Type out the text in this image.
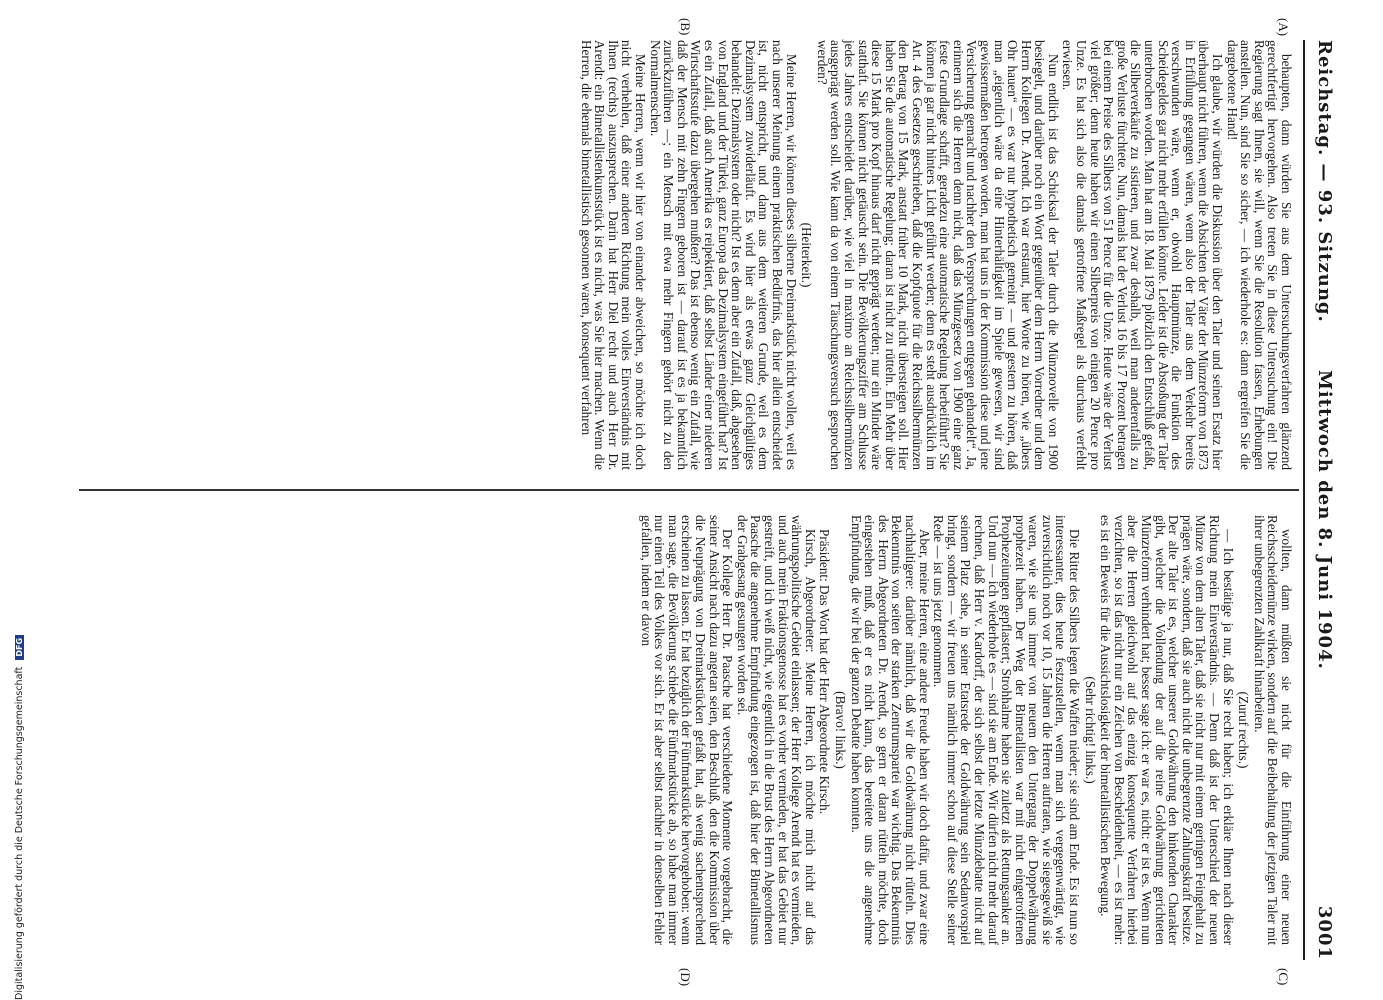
Reichstag. — 93. Sitzung.
Mittwoch den 8. Juni 1904.
3001
(A)
(B)
(C)
(D)

behaupten, dann würden Sie aus dem Untersuchungsverfahren glänzend gerechtfertigt hervorgehen. Also treten Sie in diese Untersuchung ein! Die Regierung sagt Ihnen, sie will, wenn Sie die Resolution fassen, Erhebungen anstellen. Nun, sind Sie so sicher, — ich wiederhole es: dann ergreifen Sie die dargebotene Hand!

Ich glaube, wir würden die Diskussion über den Taler und seinen Ersatz hier überhaupt nicht führen, wenn die Absichten der Väter der Münzreform von 1873 in Erfüllung gegangen wären, wenn also der Taler aus dem Verkehr bereits verschwunden wäre, wenn er, obwohl Hauptmünze, die Funktion des Scheidegeldes gar nicht mehr erfüllen könnte. Leider ist die Abstoßung der Taler unterbrochen worden. Man hat am 18. Mai 1879 plötzlich den Entschluß gefaßt, die Silberverkäufe zu sistieren, und zwar deshalb, weil man anderenfalls zu große Verluste fürchtete. Nun, damals hat der Verlust 16 bis 17 Prozent betragen bei einem Preise des Silbers von 51 Pence für die Unze. Heute wäre der Verlust viel größer; denn heute haben wir einen Silberpreis von einigen 20 Pence pro Unze. Es hat sich also die damals getroffene Maßregel als durchaus verfehlt erwiesen.

Nun endlich ist das Schicksal der Taler durch die Münznovelle von 1900 besiegelt, und darüber noch ein Wort gegenüber dem Herrn Vorredner und dem Herrn Kollegen Dr. Arendt. Ich war erstaunt, hier Worte zu hören, wie „übers Ohr hauen“ — es war nur hypothetisch gemeint — und gestern zu hören, daß man „eigentlich wäre da eine Hinterhältigkeit im Spiele gewesen, wir sind gewissermaßen betrogen worden, man hat uns in der Kommission diese und jene Versicherung gemacht und nachher den Versprechungen entgegen gehandelt“. Ja, erinnern sich die Herren denn nicht, daß das Münzgesetz von 1900 eine ganz feste Grundlage schafft, geradezu eine automatische Regelung herbeiführt? Sie können ja gar nicht hinters Licht geführt werden; denn es steht ausdrücklich im Art. 4 des Gesetzes geschrieben, daß die Kopfquote für die Reichssilbermünzen den Betrag von 15 Mark, anstatt früher 10 Mark, nicht übersteigen soll. Hier haben Sie die automatische Regelung; daran ist nicht zu rütteln. Ein Mehr über diese 15 Mark pro Kopf hinaus darf nicht geprägt werden; nur ein Minder wäre statthaft. Sie können nicht getäuscht sein. Die Bevölkerungsziffer am Schlusse jedes Jahres entscheidet darüber, wie viel in maximo an Reichssilbermünzen ausgeprägt werden soll. Wie kann da von einem Täuschungsversuch gesprochen werden?

(Heiterkeit.)

Meine Herren, wir können dieses silberne Dreimarkstück nicht wollen, weil es nach unserer Meinung einem praktischen Bedürfnis, das hier allein entscheidet ist, nicht entspricht, und dann aus dem weiteren Grunde, weil es dem Dezimalsystem zuwiderläuft. Es wird hier als etwas ganz Gleichgültiges behandelt: Dezimalsystem oder nicht? Ist es denn aber ein Zufall, daß, abgesehen von England und der Türkei, ganz Europa das Dezimalsystem eingeführt hat? Ist es ein Zufall, daß auch Amerika es reipektiert, daß selbst Länder einer niederen Wirtschaftsstufe dazu übergehen mußten? Das ist ebenso wenig ein Zufall, wie daß der Mensch mit zehn Fingern geboren ist — darauf ist es ja bekanntlich zurückzuführen —; ein Mensch mit etwa mehr Fingern gehört nicht zu den Normalmenschen.

Meine Herren, wenn wir hier von einander abweichen, so möchte ich doch nicht verhehlen, daß einer anderen Richtung mein volles Einverständnis mit Ihnen (rechts) auszusprechen. Darin hat Herr Diel recht und auch Herr Dr. Arendt: ein Bimetallistenkunststück ist es nicht, was Sie hier machen. Wenn die Herren, die ehemals bimetallistisch gesonnen waren, konsequent verfahren

wollten, dann müßten sie nicht für die Einführung einer neuen Reichsscheidemünze wirken, sondern auf die Beibehaltung der jetzigen Taler mit ihrer unbegrenzten Zahlkraft hinarbeiten.

(Zuruf rechts.)

— Ich bestätige ja nur, daß Sie recht haben; ich erkläre Ihnen nach dieser Richtung mein Einverständnis. — Denn daß ist der Unterschied der neuen Münze von dem alten Taler, daß sie nicht nur mit einem geringen Feingehalt zu prägen wäre, sondern, daß sie auch nicht die unbegrenzte Zahlungskraft besitze. Der alte Taler ist es, welcher unserer Goldwährung den hinkenden Charakter gibt, welcher die Vollendung der auf die reine Goldwährung gerichteten Münzreform verhindert hat; besser sage ich: er war es, nicht: er ist es. Wenn nun aber die Herren gleichwohl auf das einzig konsequente Verfahren hierbei verzichten, so ist das nicht nur ein Zeichen von Bescheidenheit, — es ist mehr: es ist ein Beweis für die Aussichtslosigkeit der bimetallistischen Bewegung.

(Sehr richtig! links.)

Die Ritter des Silbers legen die Waffen nieder; sie sind am Ende. Es ist nun so interessanter, dies heute festzustellen, wenn man sich vergegenwärtigt, wie zuversichtlich noch vor 10, 15 Jahren die Herren auftraten, wie siegesgewiß sie waren, wie sie uns immer von neuem den Untergang der Doppelwährung prophezeit haben. Der Weg der Bimetallisten war mit nicht eingetroffenen Prophezeiungen gepflastert; Strohhalme haben sie zuletzt als Rettungsanker an. Und nun — ich wiederhole es — sind sie am Ende. Wir dürfen nicht mehr darauf rechnen, daß Herr v. Kardorff, der sich selbst der letzte Münzdebatte nicht auf seinem Platz sehe, in seiner Etatsrede der Goldwährung sein Sedanvorspiel bringt, sondern — wir freuen uns nämlich immer schon auf diese Stelle seiner Rede — ist uns jetzt genommen.

Aber, meine Herren, eine andere Freude haben wir doch dafür, und zwar eine nachhaltigere: darüber nämlich, daß wir die Goldwährung nicht rütteln. Dies Bekenntnis von seiten der starken Zentrumspartei war wichtig. Das Bekenntnis des Herrn Abgeordneten Dr. Arendt, so gern er daran rütteln möchte, doch eingestehen muß, daß er es nicht kann, das bereitete uns die angenehme Empfindung, die wir bei der ganzen Debatte haben konnten.

(Bravo! links.)

Präsident: Das Wort hat der Herr Abgeordnete Kirsch.

Kirsch, Abgeordneter: Meine Herren, ich möchte mich nicht auf das währungspolitische Gebiet einlassen; der Herr Kollege Arendt hat es vermieden, und auch mein Fraktionsgenosse hat es vorher vermieden, er hat das Gebiet nur gestreift, und ich weiß nicht, wie eigentlich in die Brust des Herrn Abgeordneten Paasche die angenehme Empfindung eingezogen ist, daß hier der Bimetallismus der Grabgesang gesungen worden sei.

Der Kollege Herr Dr. Paasche hat verschiedene Momente vorgebracht, die seiner Ansicht nach dazu angetan seien, den Beschluß, den die Kommission über die Neuprägung von Dreimarkstücken gefaßt hat, als wenig sachentsprechend erscheinen zu lassen. Er hat bezüglich der Fünfmarkstücke hervorgehoben: wenn man sage, die Bevölkerung schiebe die Fünfmarkstücke ab, so habe man immer nur einen Teil des Volkes vor sich. Er ist aber selbst nachher in denselben Fehler gefallen, indem er davon

Digitalisierung gefördert durch die Deutsche Forschungsgemeinschaft DFG
